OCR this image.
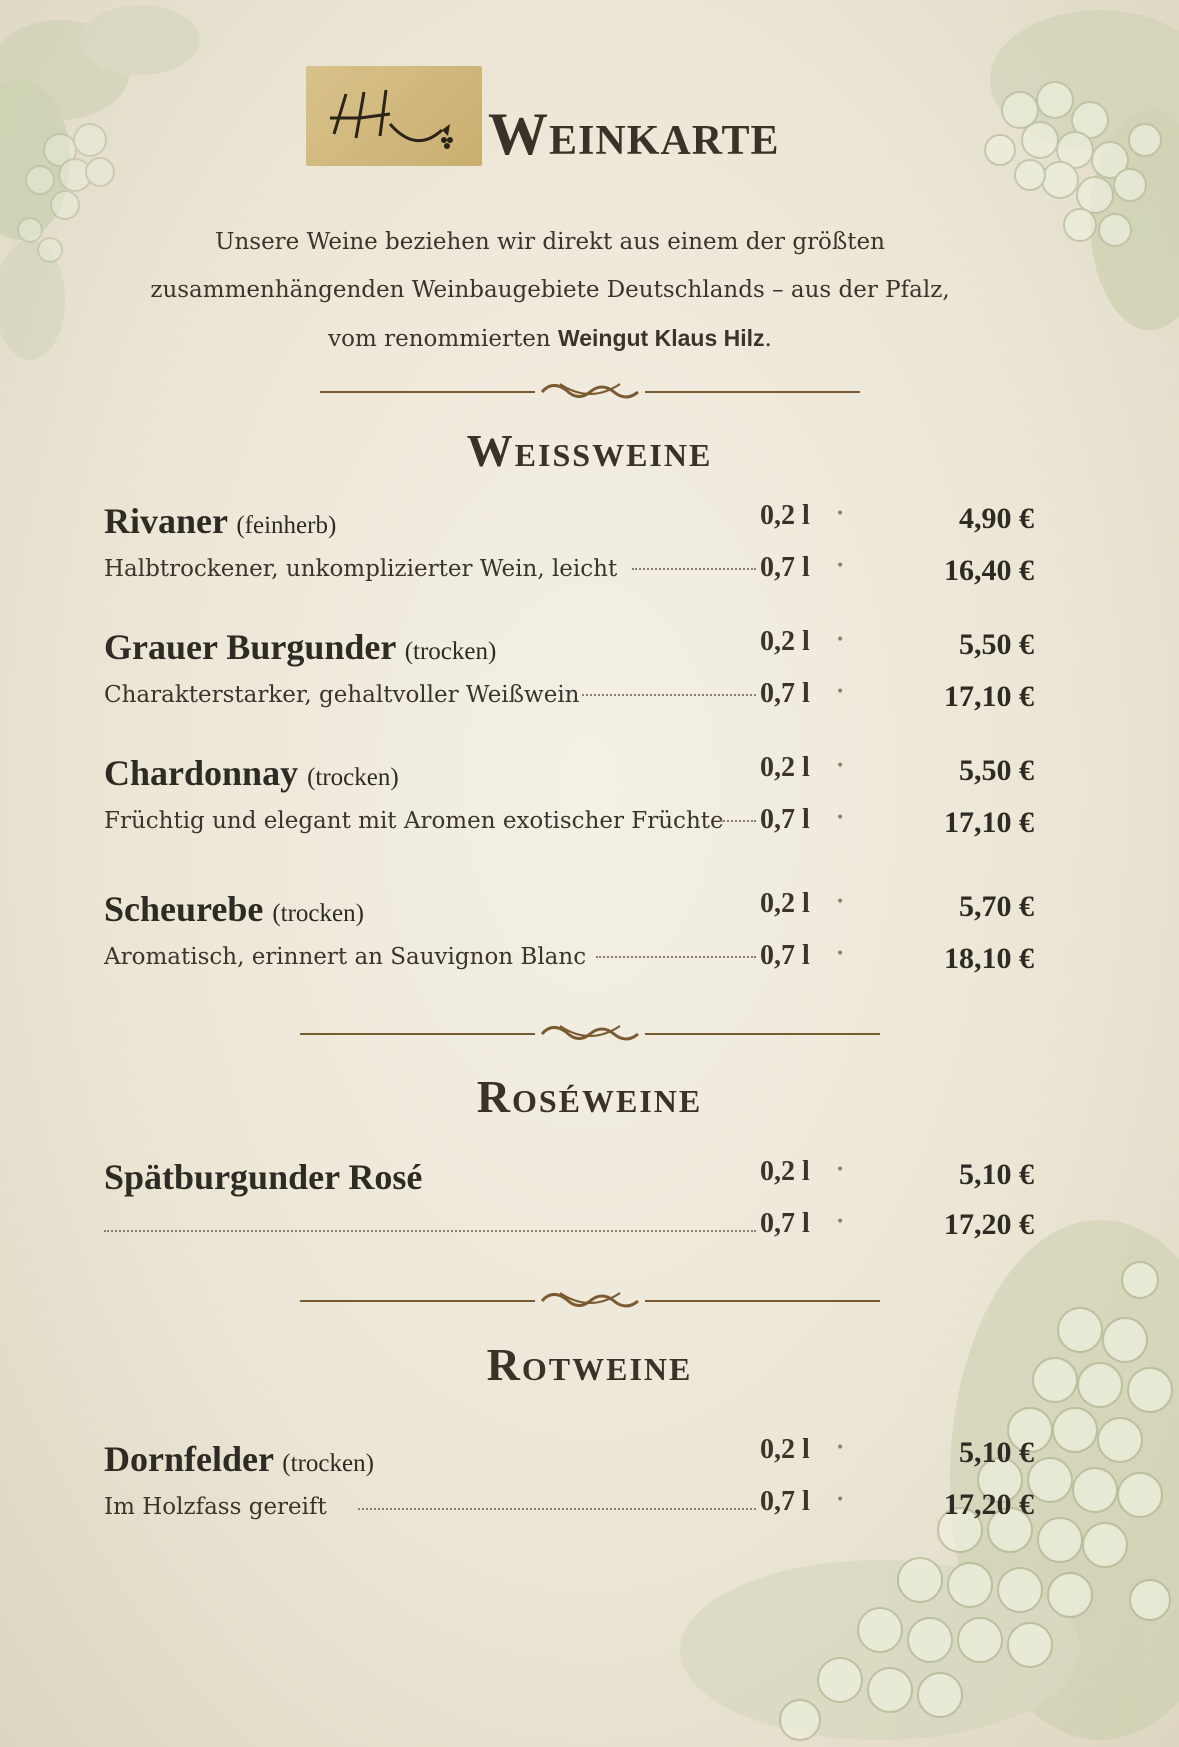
Weinkarte
Unsere Weine beziehen wir direkt aus einem der größten
zusammenhängenden Weinbaugebiete Deutschlands – aus der Pfalz,
vom renommierten Weingut Klaus Hilz.
Weissweine
Roséweine
Rotweine
Rivaner (feinherb)
Halbtrockener, unkomplizierter Wein, leicht
0,2 l •	4,90 €
0,7 l •	16,40 €
Grauer Burgunder (trocken)
Charakterstarker, gehaltvoller Weißwein
0,2 l •	5,50 €
0,7 l •	17,10 €
Chardonnay (trocken)
Früchtig und elegant mit Aromen exotischer Früchte
0,2 l •	5,50 €
0,7 l •	17,10 €
Scheurebe (trocken)
Aromatisch, erinnert an Sauvignon Blanc
0,2 l •	5,70 €
0,7 l •	18,10 €
Spätburgunder Rosé	0,2 l •	5,10 €
0,7 l •	17,20 €
Dornfelder (trocken)
Im Holzfass gereift
0,2 l •	5,10 €
0,7 l •	17,20 €
